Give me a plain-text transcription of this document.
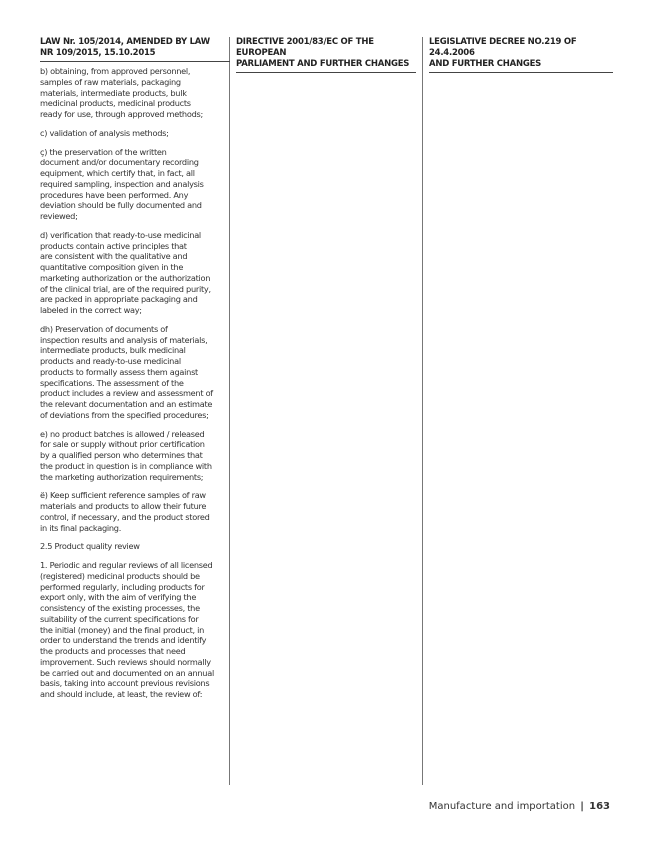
LAW Nr. 105/2014, AMENDED BY LAW
NR 109/2015, 15.10.2015
b) obtaining, from approved personnel,
samples of raw materials, packaging
materials, intermediate products, bulk
medicinal products, medicinal products
ready for use, through approved methods;
c) validation of analysis methods;
ç) the preservation of the written
document and/or documentary recording
equipment, which certify that, in fact, all
required sampling, inspection and analysis
procedures have been performed. Any
deviation should be fully documented and
reviewed;
d) verification that ready-to-use medicinal
products contain active principles that
are consistent with the qualitative and
quantitative composition given in the
marketing authorization or the authorization
of the clinical trial, are of the required purity,
are packed in appropriate packaging and
labeled in the correct way;
dh) Preservation of documents of
inspection results and analysis of materials,
intermediate products, bulk medicinal
products and ready-to-use medicinal
products to formally assess them against
specifications. The assessment of the
product includes a review and assessment of
the relevant documentation and an estimate
of deviations from the specified procedures;
e) no product batches is allowed / released
for sale or supply without prior certification
by a qualified person who determines that
the product in question is in compliance with
the marketing authorization requirements;
ë) Keep sufficient reference samples of raw
materials and products to allow their future
control, if necessary, and the product stored
in its final packaging.
2.5 Product quality review
1. Periodic and regular reviews of all licensed
(registered) medicinal products should be
performed regularly, including products for
export only, with the aim of verifying the
consistency of the existing processes, the
suitability of the current specifications for
the initial (money) and the final product, in
order to understand the trends and identify
the products and processes that need
improvement. Such reviews should normally
be carried out and documented on an annual
basis, taking into account previous revisions
and should include, at least, the review of:
DIRECTIVE 2001/83/EC OF THE EUROPEAN
PARLIAMENT AND FURTHER CHANGES
LEGISLATIVE DECREE NO.219 OF 24.4.2006
AND FURTHER CHANGES
Manufacture and importation | 163
